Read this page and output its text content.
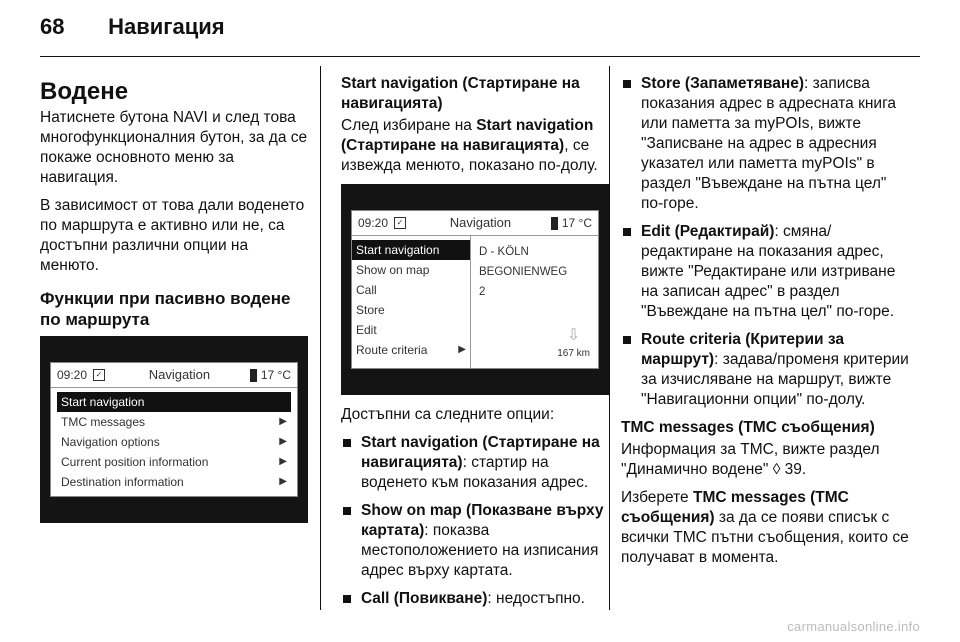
68 Навигация
Водене

Натиснете бутона NAVI и след това многофункционалния бутон, за да се покаже основното меню за навигация.

В зависимост от това дали воденето по маршрута е активно или не, са достъпни различни опции на менюто.

Функции при пасивно водене по маршрута
09:20	✓	Navigation	17 °C
Start navigation
TMC messages	▶
Navigation options	▶
Current position information	▶
Destination information	▶
Start navigation (Стартиране на навигацията)

След избиране на Start navigation (Стартиране на навигацията), се извежда менюто, показано по-долу.

09:20	✓	Navigation	17 °C
Start navigation
Show on map
Call
Store
Edit
Route criteria	▶
D - KÖLN
BEGONIENWEG
2
⇩
167 km

Достъпни са следните опции:

Start navigation (Стартиране на навигацията): стартир на воденето към показания адрес.
Show on map (Показване върху картата): показва местоположението на изписания адрес върху картата.
Call (Повикване): недостъпно.
Store (Запаметяване): записва показания адрес в адресната книга или паметта за myPOIs, вижте "Записване на адрес в адресния указател или паметта myPOIs" в раздел "Въвеждане на пътна цел" по-горе.
Edit (Редактирай): смяна/редактиране на показания адрес, вижте "Редактиране или изтриване на записан адрес" в раздел "Въвеждане на пътна цел" по-горе.
Route criteria (Критерии за маршрут): задава/променя критерии за изчисляване на маршрут, вижте "Навигационни опции" по-долу.
TMC messages (TMC съобщения)

Информация за TMC, вижте раздел "Динамично водене" ◊ 39.

Изберете TMC messages (TMC съобщения) за да се появи списък с всички TMC пътни съобщения, които се получават в момента.

carmanualsonline.info
